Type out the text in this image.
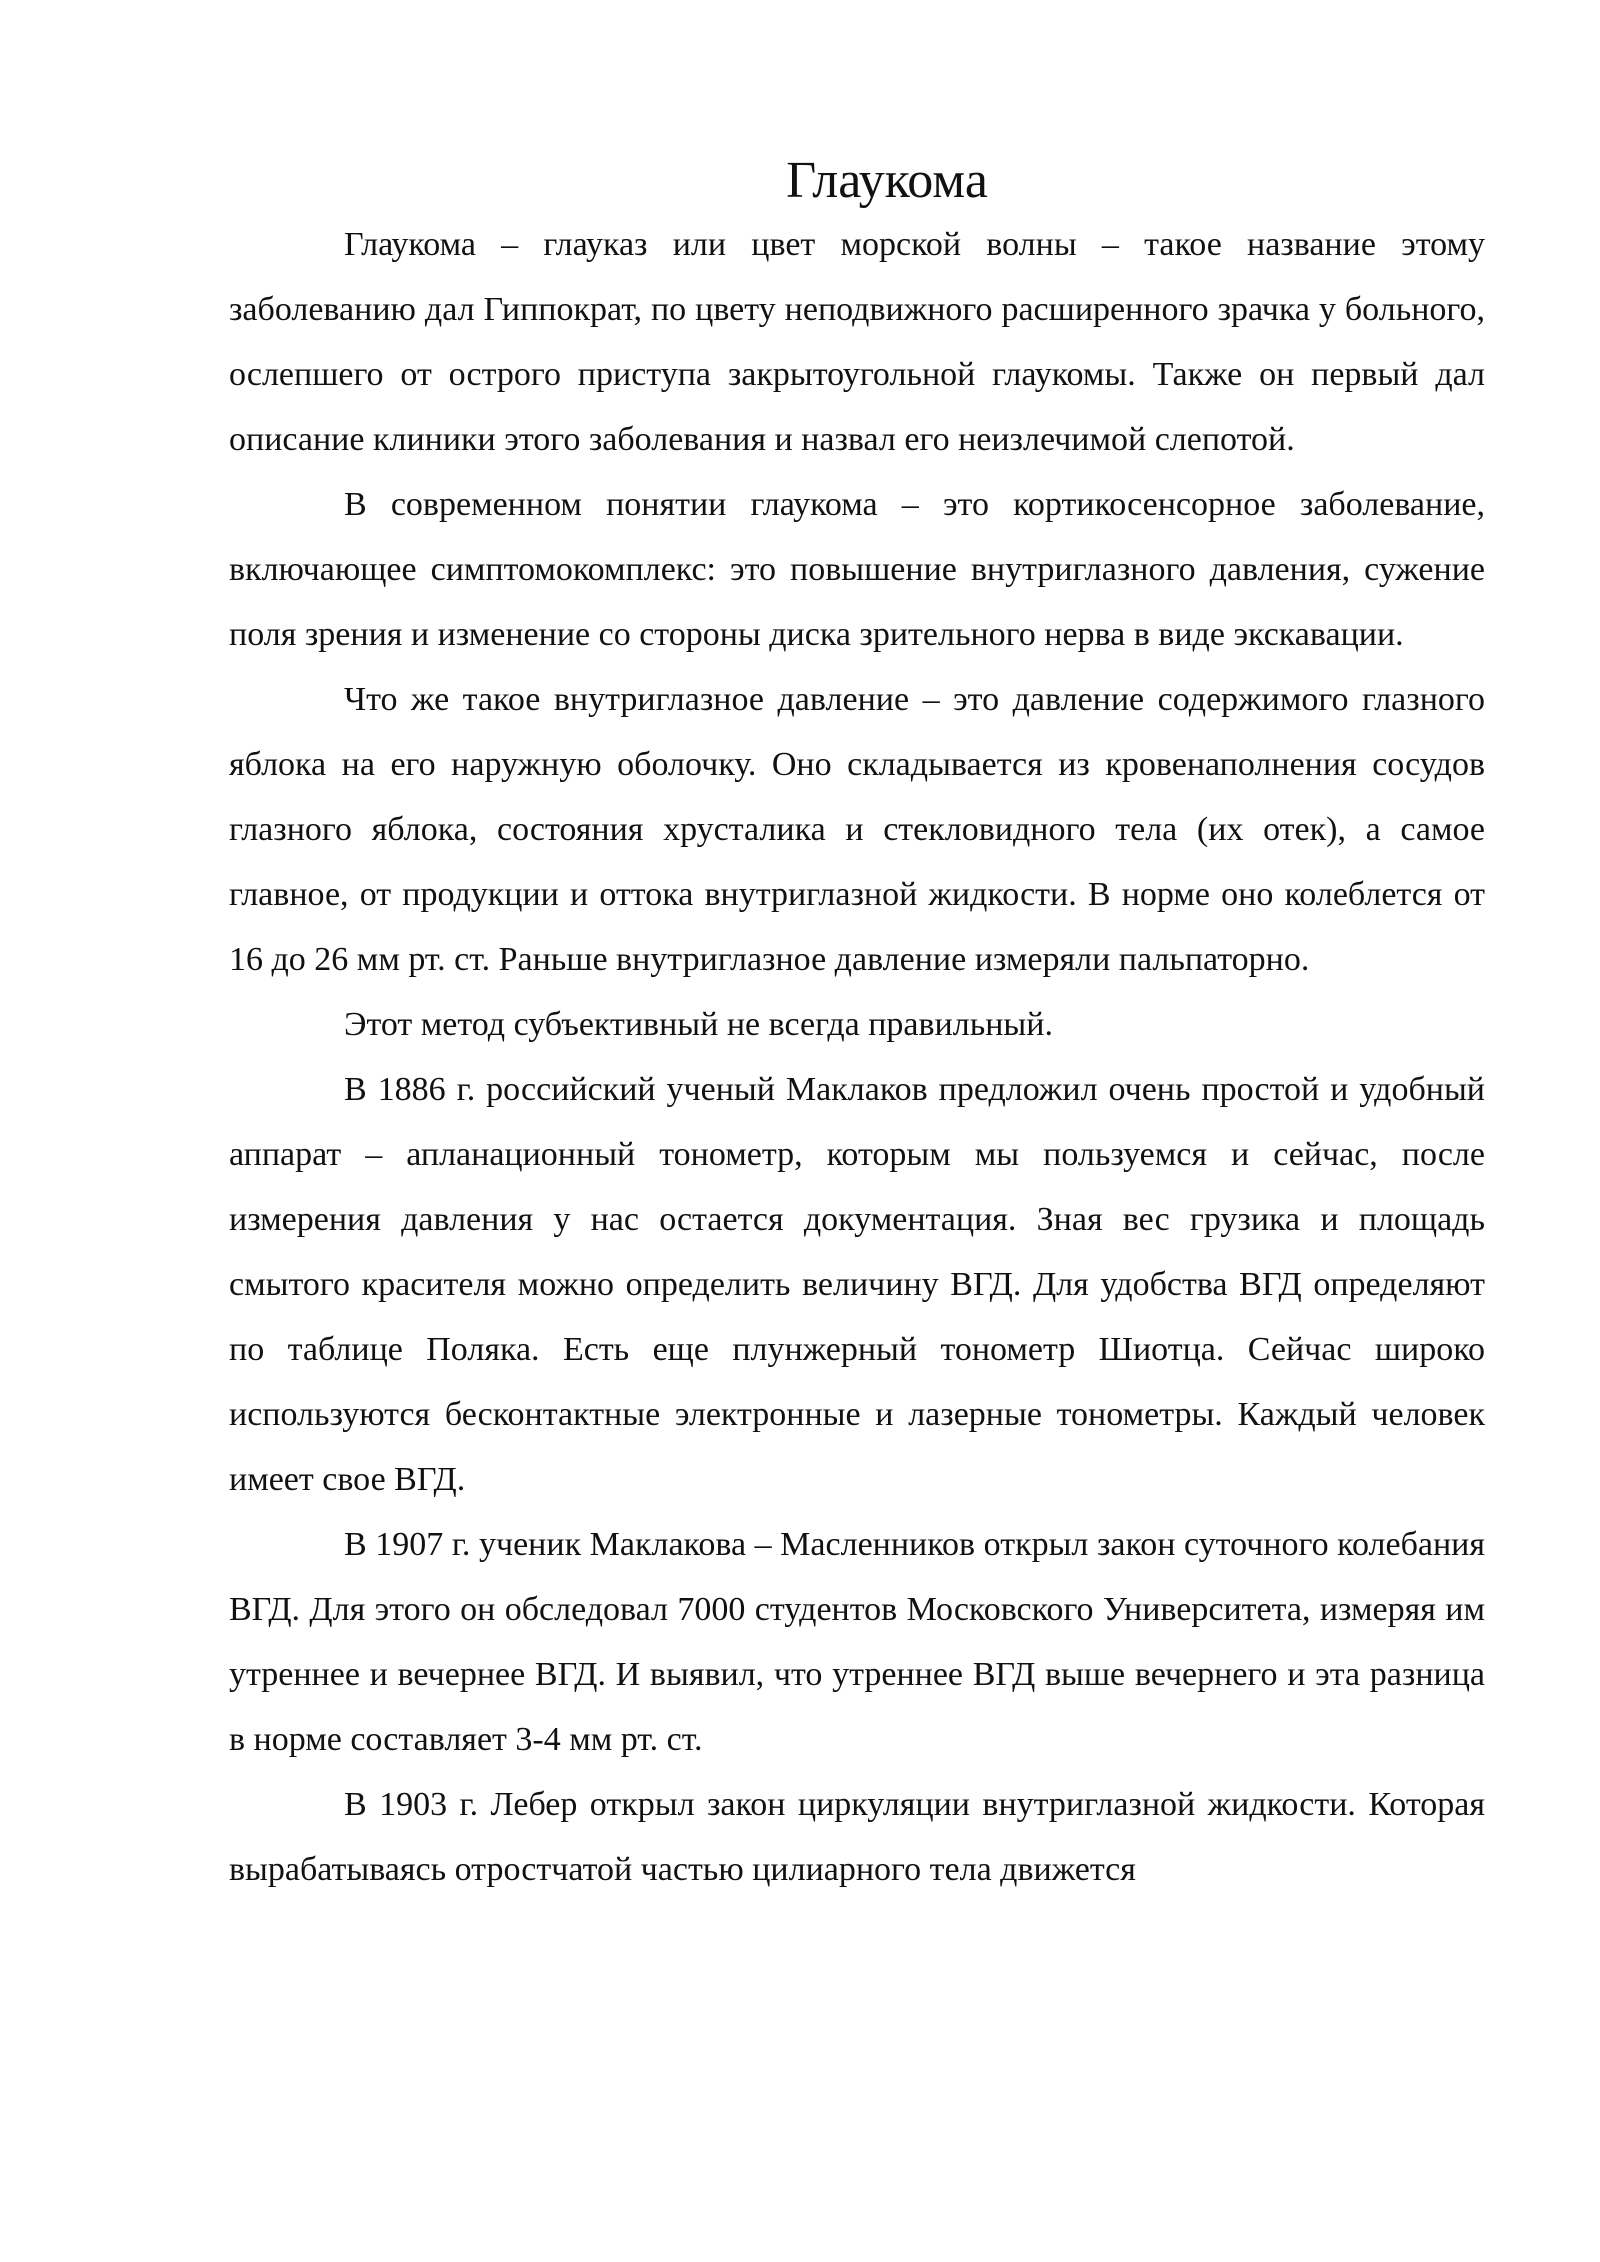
Глаукома

Глаукома – глауказ или цвет морской волны – такое название этому заболеванию дал Гиппократ, по цвету неподвижного расширенного зрачка у больного, ослепшего от острого приступа закрытоугольной глаукомы. Также он первый дал описание клиники этого заболевания и назвал его неизлечимой слепотой.

В современном понятии глаукома – это кортикосенсорное заболевание, включающее симптомокомплекс: это повышение внутриглазного давления, сужение поля зрения и изменение со стороны диска зрительного нерва в виде экскавации.

Что же такое внутриглазное давление – это давление содержимого глазного яблока на его наружную оболочку. Оно складывается из кровенаполнения сосудов глазного яблока, состояния хрусталика и стекловидного тела (их отек), а самое главное, от продукции и оттока внутриглазной жидкости. В норме оно колеблется от 16 до 26 мм рт. ст. Раньше внутриглазное давление измеряли пальпаторно.

Этот метод субъективный не всегда правильный.

В 1886 г. российский ученый Маклаков предложил очень простой и удобный аппарат – апланационный тонометр, которым мы пользуемся и сейчас, после измерения давления у нас остается документация. Зная вес грузика и площадь смытого красителя можно определить величину ВГД. Для удобства ВГД определяют по таблице Поляка. Есть еще плунжерный тонометр Шиотца. Сейчас широко используются бесконтактные электронные и лазерные тонометры. Каждый человек имеет свое ВГД.

В 1907 г. ученик Маклакова – Масленников открыл закон суточного колебания ВГД. Для этого он обследовал 7000 студентов Московского Университета, измеряя им утреннее и вечернее ВГД. И выявил, что утреннее ВГД выше вечернего и эта разница в норме составляет 3-4 мм рт. ст.

В 1903 г. Лебер открыл закон циркуляции внутриглазной жидкости. Которая вырабатываясь отростчатой частью цилиарного тела движется
